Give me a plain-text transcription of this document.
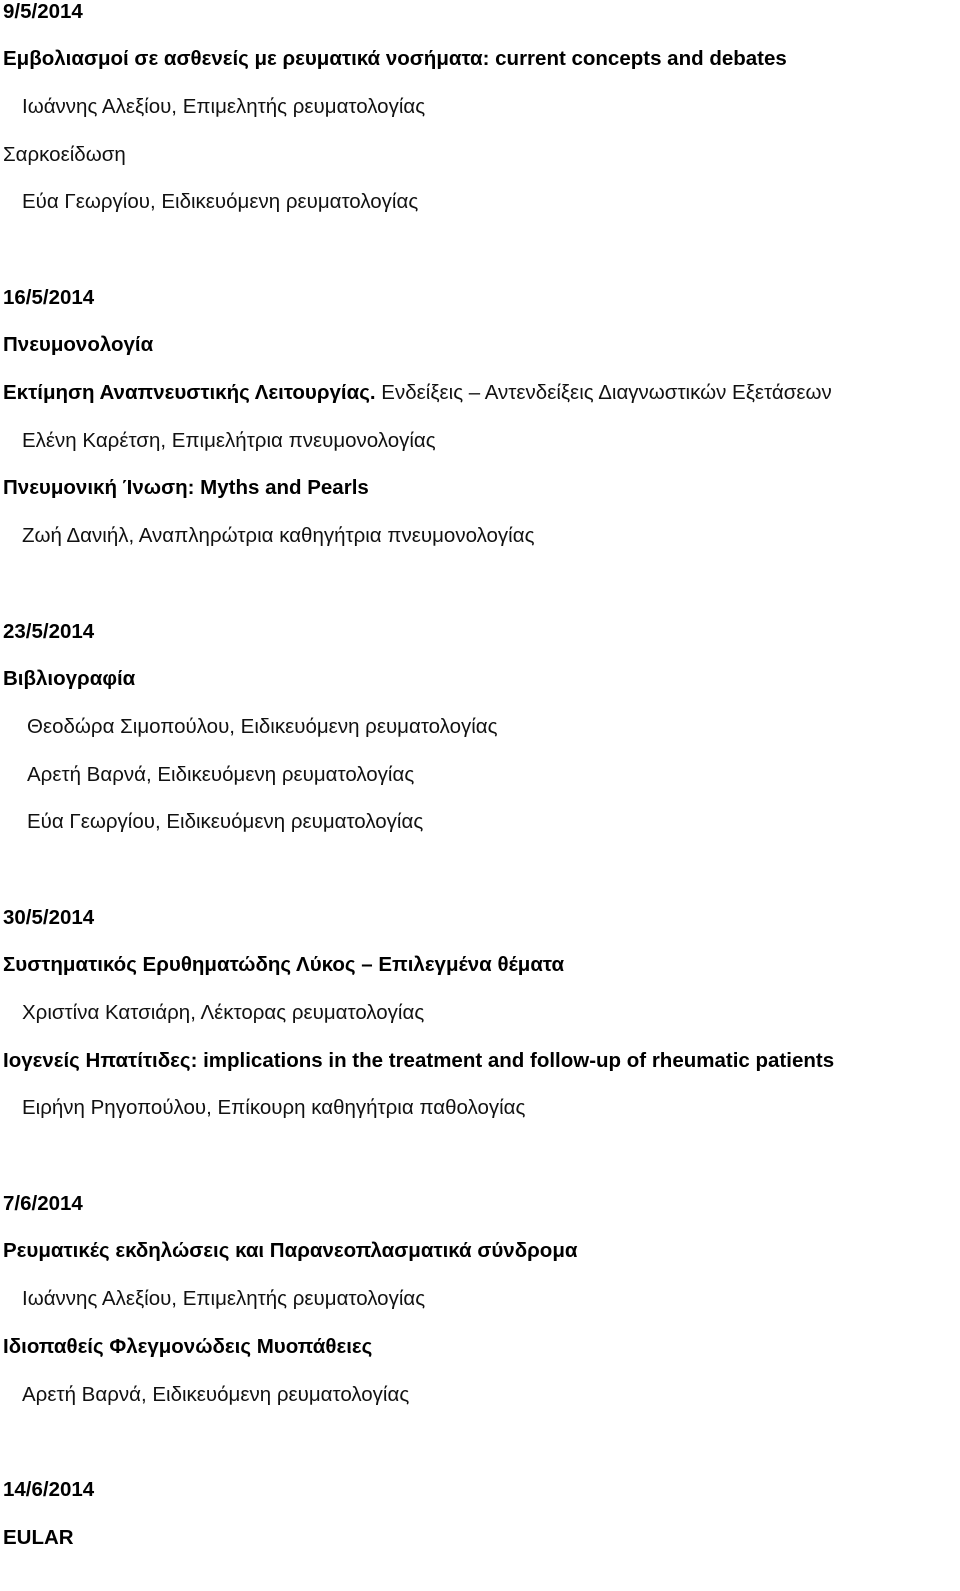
9/5/2014
Εμβολιασμοί σε ασθενείς με ρευματικά νοσήματα: current concepts and debates
Ιωάννης Αλεξίου, Επιμελητής ρευματολογίας
Σαρκοείδωση
Εύα Γεωργίου, Ειδικευόμενη ρευματολογίας
16/5/2014
Πνευμονολογία
Εκτίμηση Αναπνευστικής Λειτουργίας. Ενδείξεις – Αντενδείξεις Διαγνωστικών Εξετάσεων
Ελένη Καρέτση, Επιμελήτρια πνευμονολογίας
Πνευμονική Ίνωση: Myths and Pearls
Ζωή Δανιήλ, Αναπληρώτρια καθηγήτρια πνευμονολογίας
23/5/2014
Βιβλιογραφία
Θεοδώρα Σιμοπούλου, Ειδικευόμενη ρευματολογίας
Αρετή Βαρνά, Ειδικευόμενη ρευματολογίας
Εύα Γεωργίου, Ειδικευόμενη ρευματολογίας
30/5/2014
Συστηματικός Ερυθηματώδης Λύκος – Επιλεγμένα θέματα
Χριστίνα Κατσιάρη, Λέκτορας ρευματολογίας
Ιογενείς Ηπατίτιδες: implications in the treatment and follow-up of rheumatic patients
Ειρήνη Ρηγοπούλου, Επίκουρη καθηγήτρια παθολογίας
7/6/2014
Ρευματικές εκδηλώσεις και Παρανεοπλασματικά σύνδρομα
Ιωάννης Αλεξίου, Επιμελητής ρευματολογίας
Ιδιοπαθείς Φλεγμονώδεις Μυοπάθειες
Αρετή Βαρνά, Ειδικευόμενη ρευματολογίας
14/6/2014
EULAR
